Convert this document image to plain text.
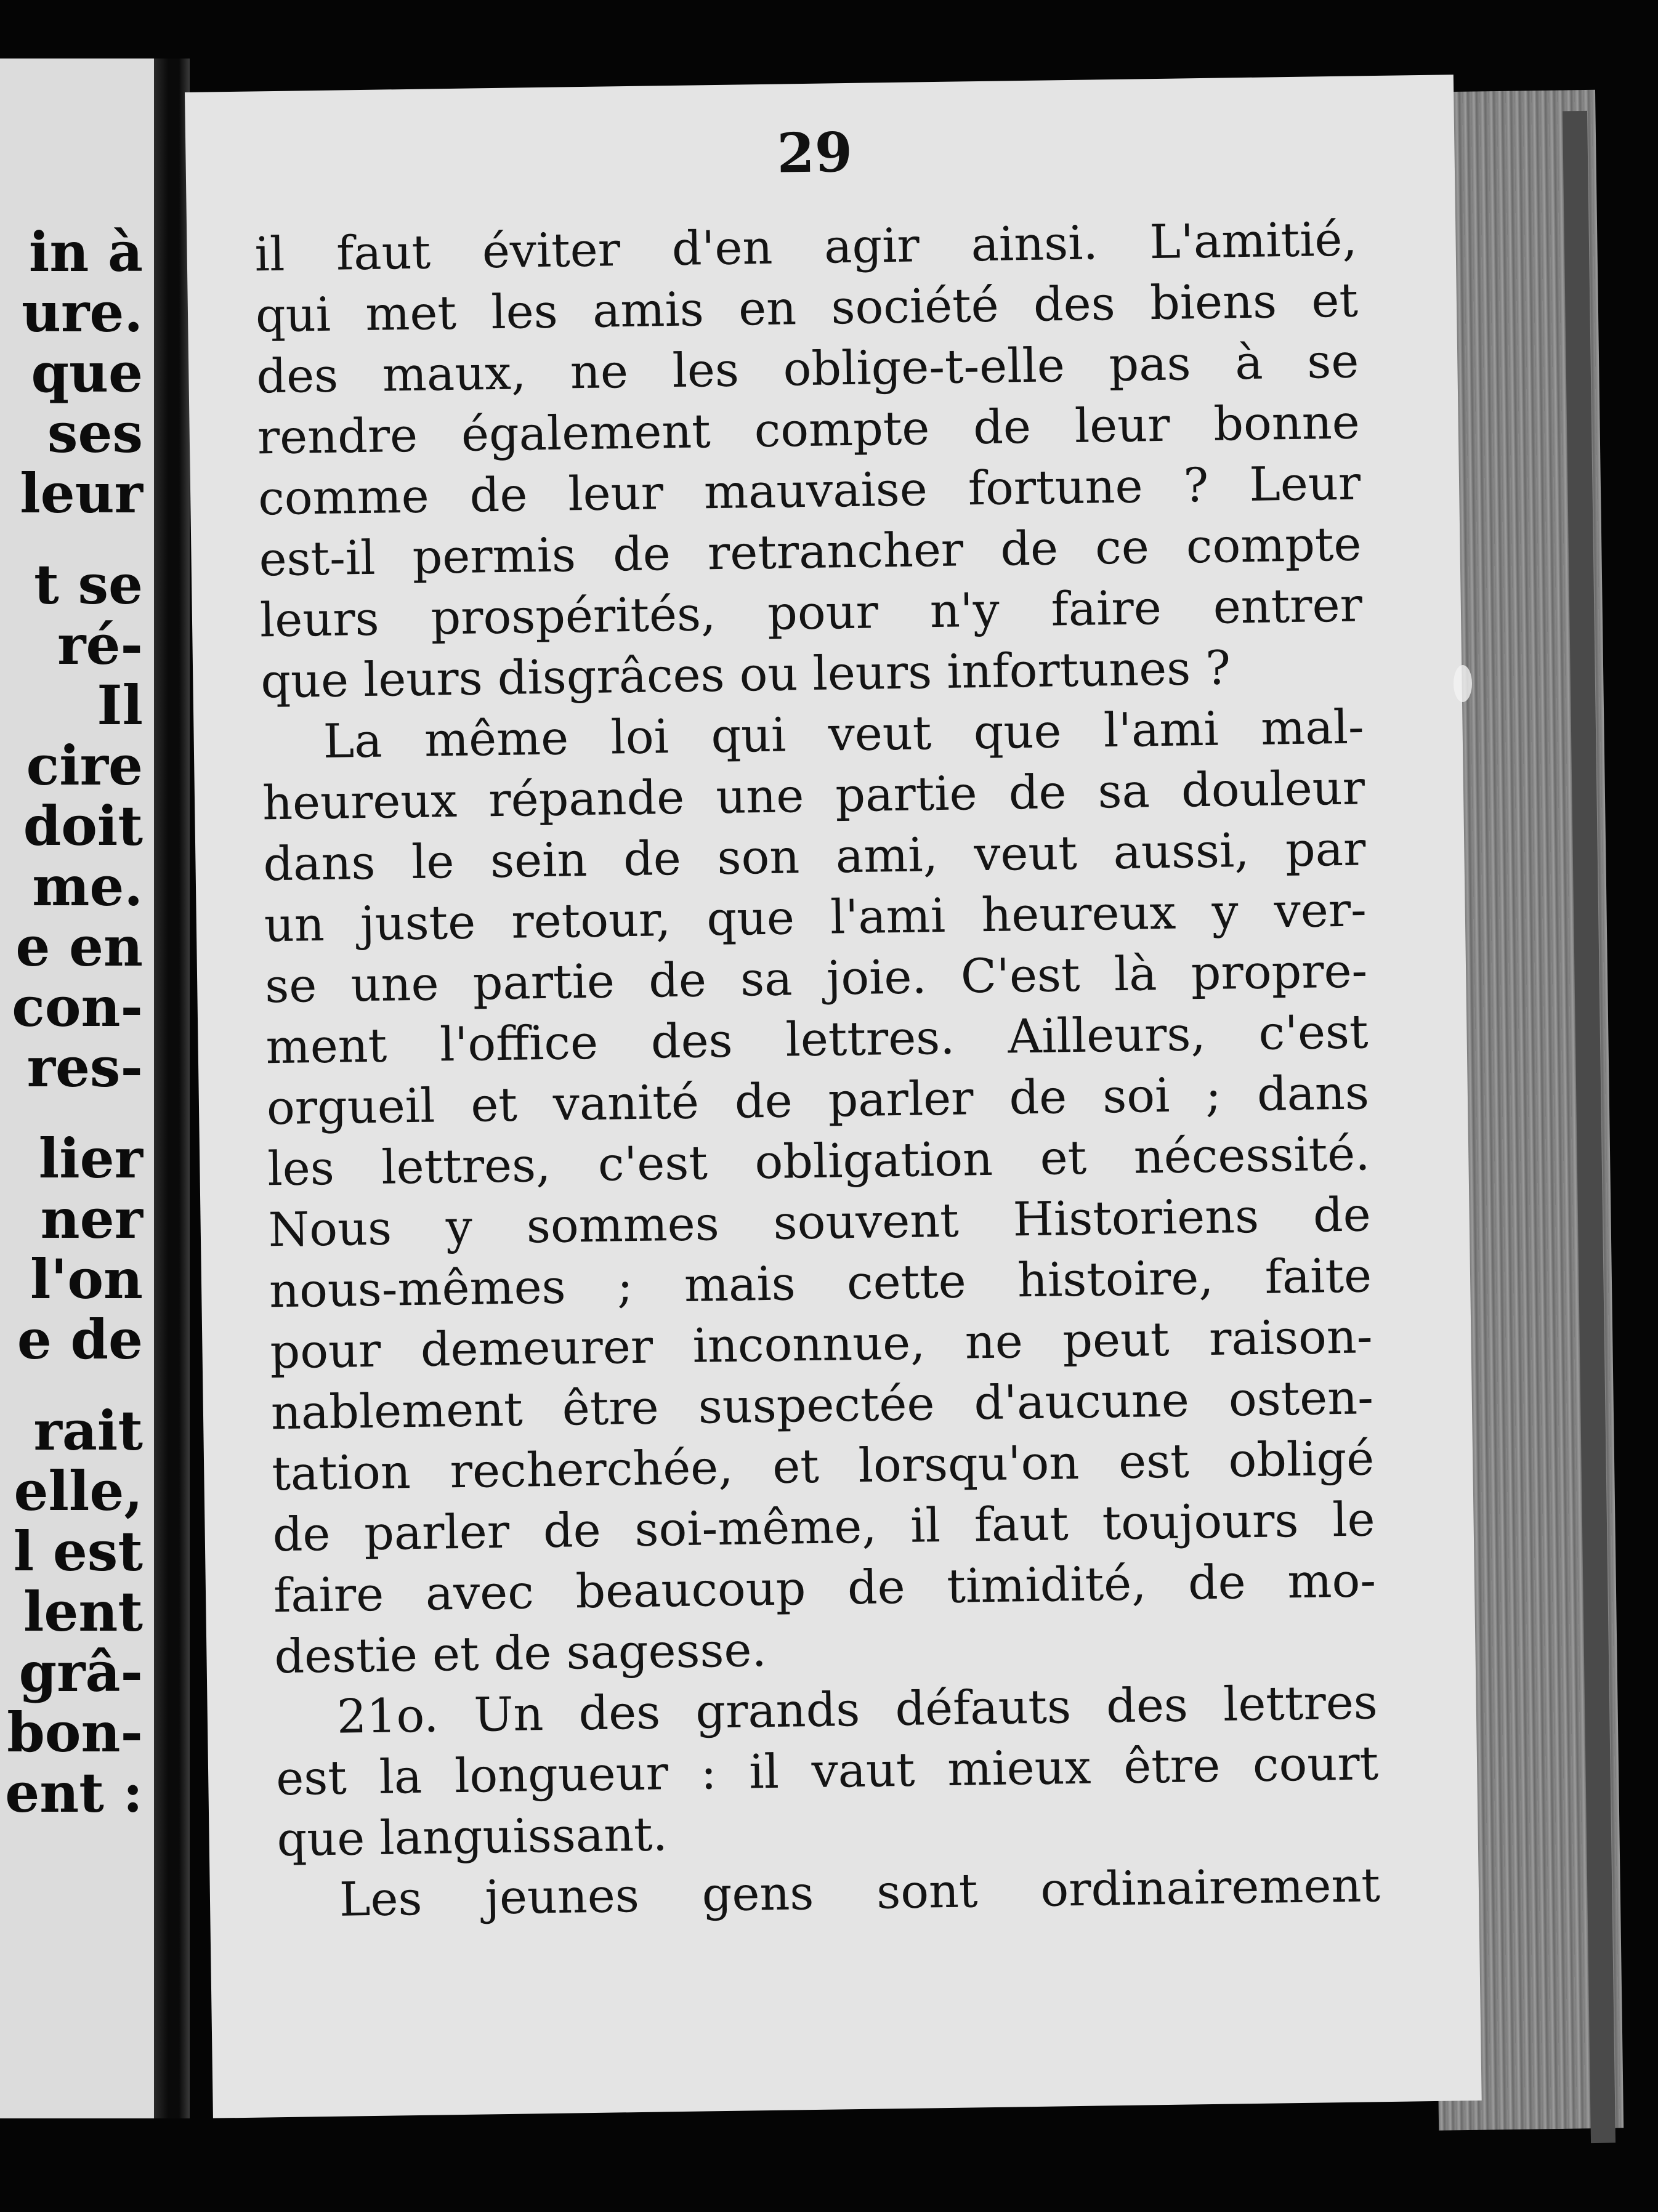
in à
ure.
que
ses
leur
t se
ré-
Il
cire
doit
me.
e en
con-
res-
lier
ner
l'on
e de
rait
elle,
l est
lent
grâ-
bon-
ent :
29
il faut éviter d'en agir ainsi. L'amitié,
qui met les amis en société des biens et
des maux, ne les oblige-t-elle pas à se
rendre également compte de leur bonne
comme de leur mauvaise fortune ? Leur
est-il permis de retrancher de ce compte
leurs prospérités, pour n'y faire entrer
que leurs disgrâces ou leurs infortunes ?
La même loi qui veut que l'ami mal-
heureux répande une partie de sa douleur
dans le sein de son ami, veut aussi, par
un juste retour, que l'ami heureux y ver-
se une partie de sa joie. C'est là propre-
ment l'office des lettres. Ailleurs, c'est
orgueil et vanité de parler de soi ; dans
les lettres, c'est obligation et nécessité.
Nous y sommes souvent Historiens de
nous-mêmes ; mais cette histoire, faite
pour demeurer inconnue, ne peut raison-
nablement être suspectée d'aucune osten-
tation recherchée, et lorsqu'on est obligé
de parler de soi-même, il faut toujours le
faire avec beaucoup de timidité, de mo-
destie et de sagesse.
21o. Un des grands défauts des lettres
est la longueur : il vaut mieux être court
que languissant.
Les jeunes gens sont ordinairement
